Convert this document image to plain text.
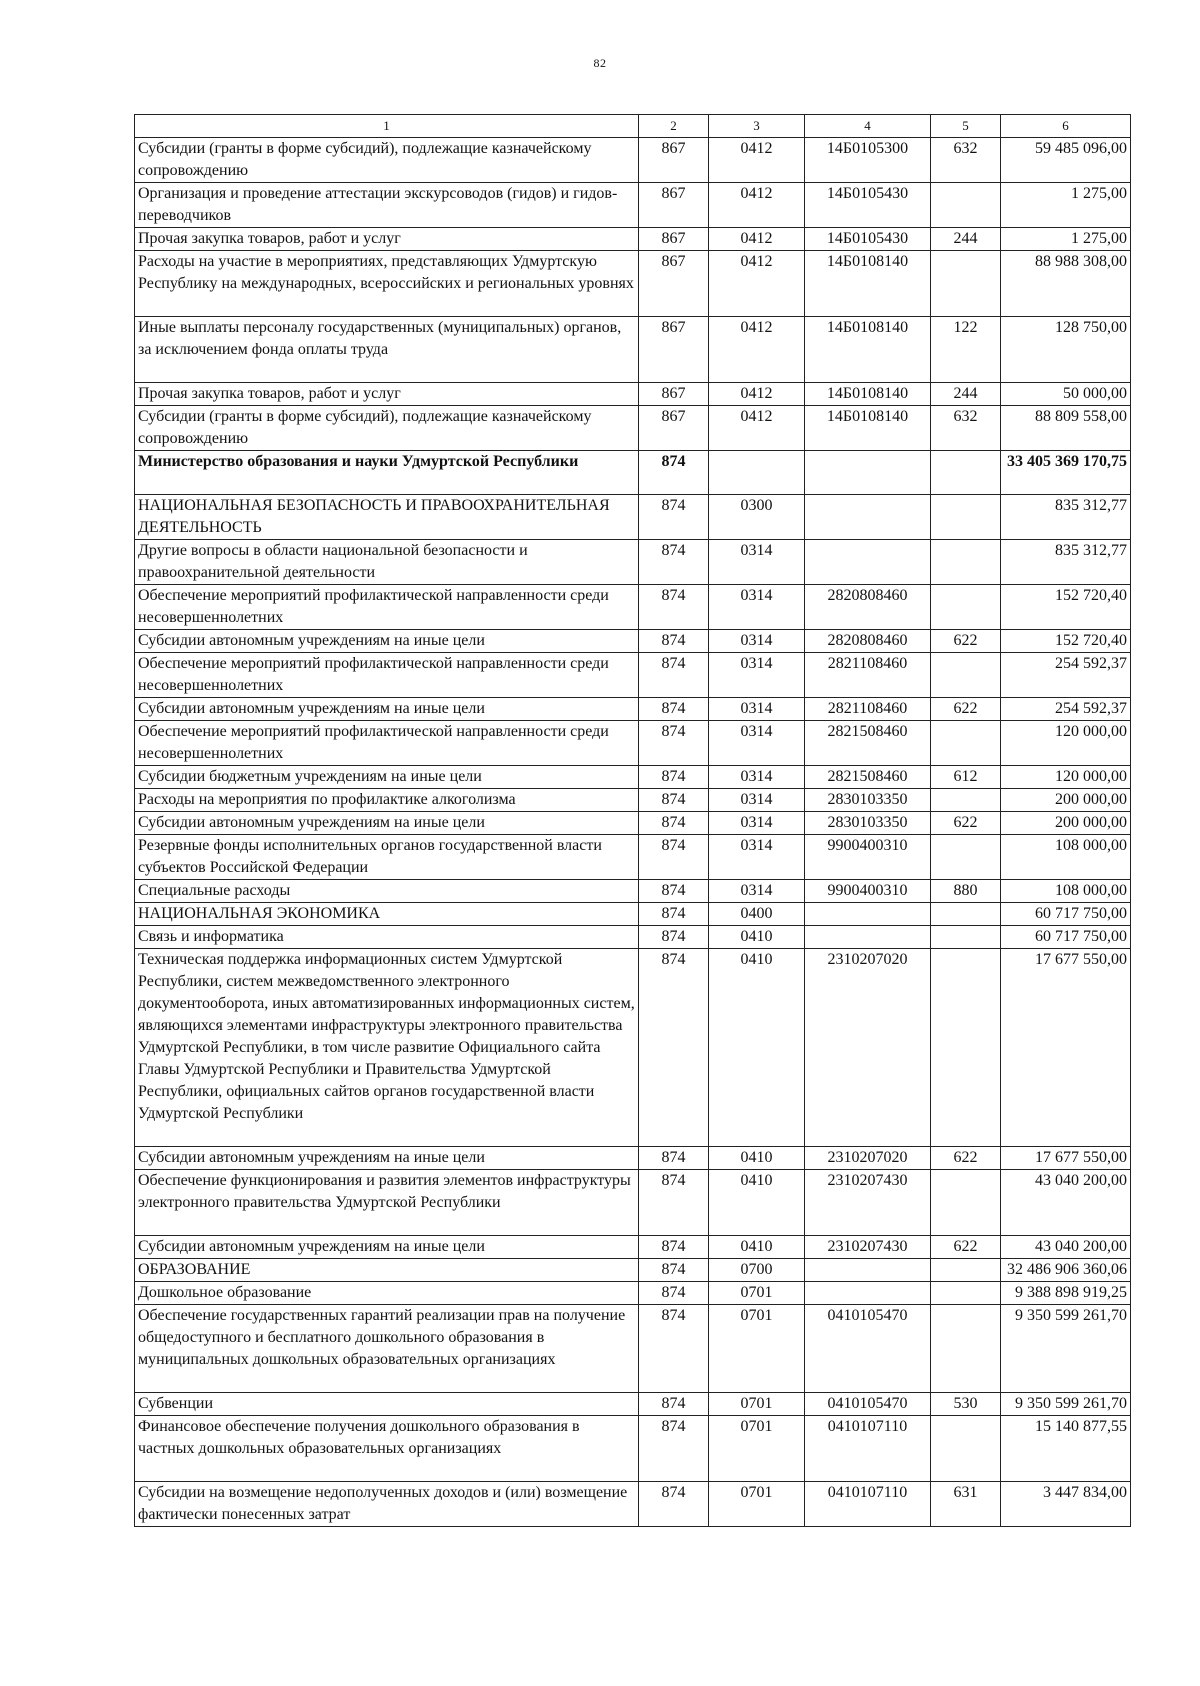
82
1	2	3	4	5	6
Субсидии (гранты в форме субсидий), подлежащие казначейскому сопровождению	867	0412	14Б0105300	632	59 485 096,00
Организация и проведение аттестации экскурсоводов (гидов) и гидов-переводчиков	867	0412	14Б0105430		1 275,00
Прочая закупка товаров, работ и услуг	867	0412	14Б0105430	244	1 275,00
Расходы на участие в мероприятиях, представляющих Удмуртскую Республику на международных, всероссийских и региональных уровнях	867	0412	14Б0108140		88 988 308,00
Иные выплаты персоналу государственных (муниципальных) органов, за исключением фонда оплаты труда	867	0412	14Б0108140	122	128 750,00
Прочая закупка товаров, работ и услуг	867	0412	14Б0108140	244	50 000,00
Субсидии (гранты в форме субсидий), подлежащие казначейскому сопровождению	867	0412	14Б0108140	632	88 809 558,00
Министерство образования и науки Удмуртской Республики	874				33 405 369 170,75
НАЦИОНАЛЬНАЯ БЕЗОПАСНОСТЬ И ПРАВООХРАНИТЕЛЬНАЯ ДЕЯТЕЛЬНОСТЬ	874	0300			835 312,77
Другие вопросы в области национальной безопасности и правоохранительной деятельности	874	0314			835 312,77
Обеспечение мероприятий профилактической направленности среди несовершеннолетних	874	0314	2820808460		152 720,40
Субсидии автономным учреждениям на иные цели	874	0314	2820808460	622	152 720,40
Обеспечение мероприятий профилактической направленности среди несовершеннолетних	874	0314	2821108460		254 592,37
Субсидии автономным учреждениям на иные цели	874	0314	2821108460	622	254 592,37
Обеспечение мероприятий профилактической направленности среди несовершеннолетних	874	0314	2821508460		120 000,00
Субсидии бюджетным учреждениям на иные цели	874	0314	2821508460	612	120 000,00
Расходы на мероприятия по профилактике алкоголизма	874	0314	2830103350		200 000,00
Субсидии автономным учреждениям на иные цели	874	0314	2830103350	622	200 000,00
Резервные фонды исполнительных органов государственной власти субъектов Российской Федерации	874	0314	9900400310		108 000,00
Специальные расходы	874	0314	9900400310	880	108 000,00
НАЦИОНАЛЬНАЯ ЭКОНОМИКА	874	0400			60 717 750,00
Связь и информатика	874	0410			60 717 750,00
Техническая поддержка информационных систем Удмуртской Республики, систем межведомственного электронного документооборота, иных автоматизированных информационных систем, являющихся элементами инфраструктуры электронного правительства Удмуртской Республики, в том числе развитие Официального сайта Главы Удмуртской Республики и Правительства Удмуртской Республики, официальных сайтов органов государственной власти Удмуртской Республики	874	0410	2310207020		17 677 550,00
Субсидии автономным учреждениям на иные цели	874	0410	2310207020	622	17 677 550,00
Обеспечение функционирования и развития элементов инфраструктуры электронного правительства Удмуртской Республики	874	0410	2310207430		43 040 200,00
Субсидии автономным учреждениям на иные цели	874	0410	2310207430	622	43 040 200,00
ОБРАЗОВАНИЕ	874	0700			32 486 906 360,06
Дошкольное образование	874	0701			9 388 898 919,25
Обеспечение государственных гарантий реализации прав на получение общедоступного и бесплатного дошкольного образования в муниципальных дошкольных образовательных организациях	874	0701	0410105470		9 350 599 261,70
Субвенции	874	0701	0410105470	530	9 350 599 261,70
Финансовое обеспечение получения дошкольного образования в частных дошкольных образовательных организациях	874	0701	0410107110		15 140 877,55
Субсидии на возмещение недополученных доходов и (или) возмещение фактически понесенных затрат	874	0701	0410107110	631	3 447 834,00
